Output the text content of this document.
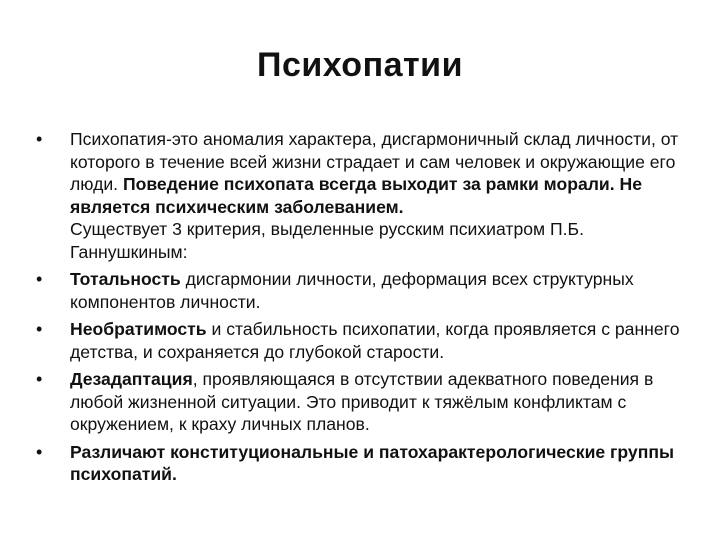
Психопатии
•	Психопатия-это аномалия характера, дисгармоничный склад личности, от которого в течение всей жизни страдает и сам человек и окружающие его люди. Поведение психопата всегда выходит за рамки морали. Не является психическим заболеванием.
Существует 3 критерия, выделенные русским психиатром П.Б. Ганнушкиным:
•	Тотальность дисгармонии личности, деформация всех структурных компонентов личности.
•	Необратимость и стабильность психопатии, когда проявляется с раннего детства, и сохраняется до глубокой старости.
•	Дезадаптация, проявляющаяся в отсутствии адекватного поведения в любой жизненной ситуации. Это приводит к тяжёлым конфликтам с окружением, к краху личных планов.
•	Различают конституциональные и патохарактерологические группы психопатий.
